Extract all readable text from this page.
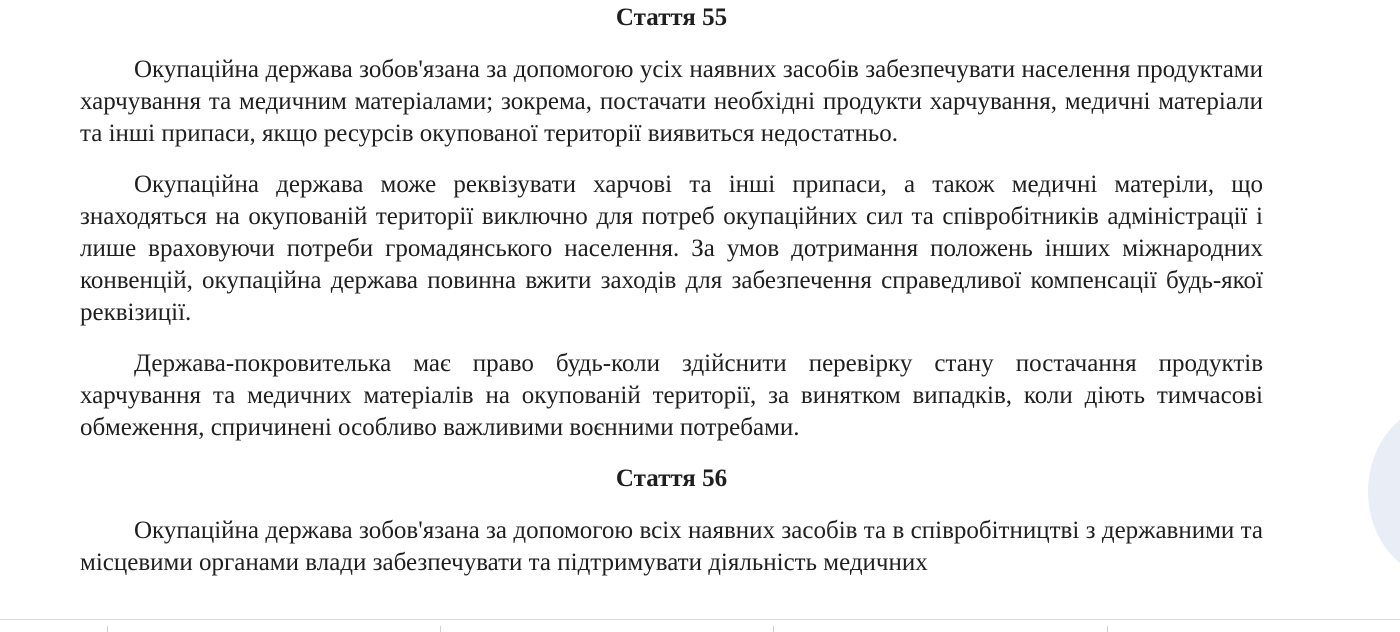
Стаття 55

Окупаційна держава зобов'язана за допомогою усіх наявних засобів забезпечувати населення продуктами харчування та медичним матеріалами; зокрема, постачати необхідні продукти харчування, медичні матеріали та інші припаси, якщо ресурсів окупованої території виявиться недостатньо.

Окупаційна держава може реквізувати харчові та інші припаси, а також медичні матеріли, що знаходяться на окупованій території виключно для потреб окупаційних сил та співробітників адміністрації і лише враховуючи потреби громадянського населення. За умов дотримання положень інших міжнародних конвенцій, окупаційна держава повинна вжити заходів для забезпечення справедливої компенсації будь-якої реквізиції.

Держава-покровителька має право будь-коли здійснити перевірку стану постачання продуктів харчування та медичних матеріалів на окупованій території, за винятком випадків, коли діють тимчасові обмеження, спричинені особливо важливими воєнними потребами.

Стаття 56

Окупаційна держава зобов'язана за допомогою всіх наявних засобів та в співробітництві з державними та місцевими органами влади забезпечувати та підтримувати діяльність медичних
